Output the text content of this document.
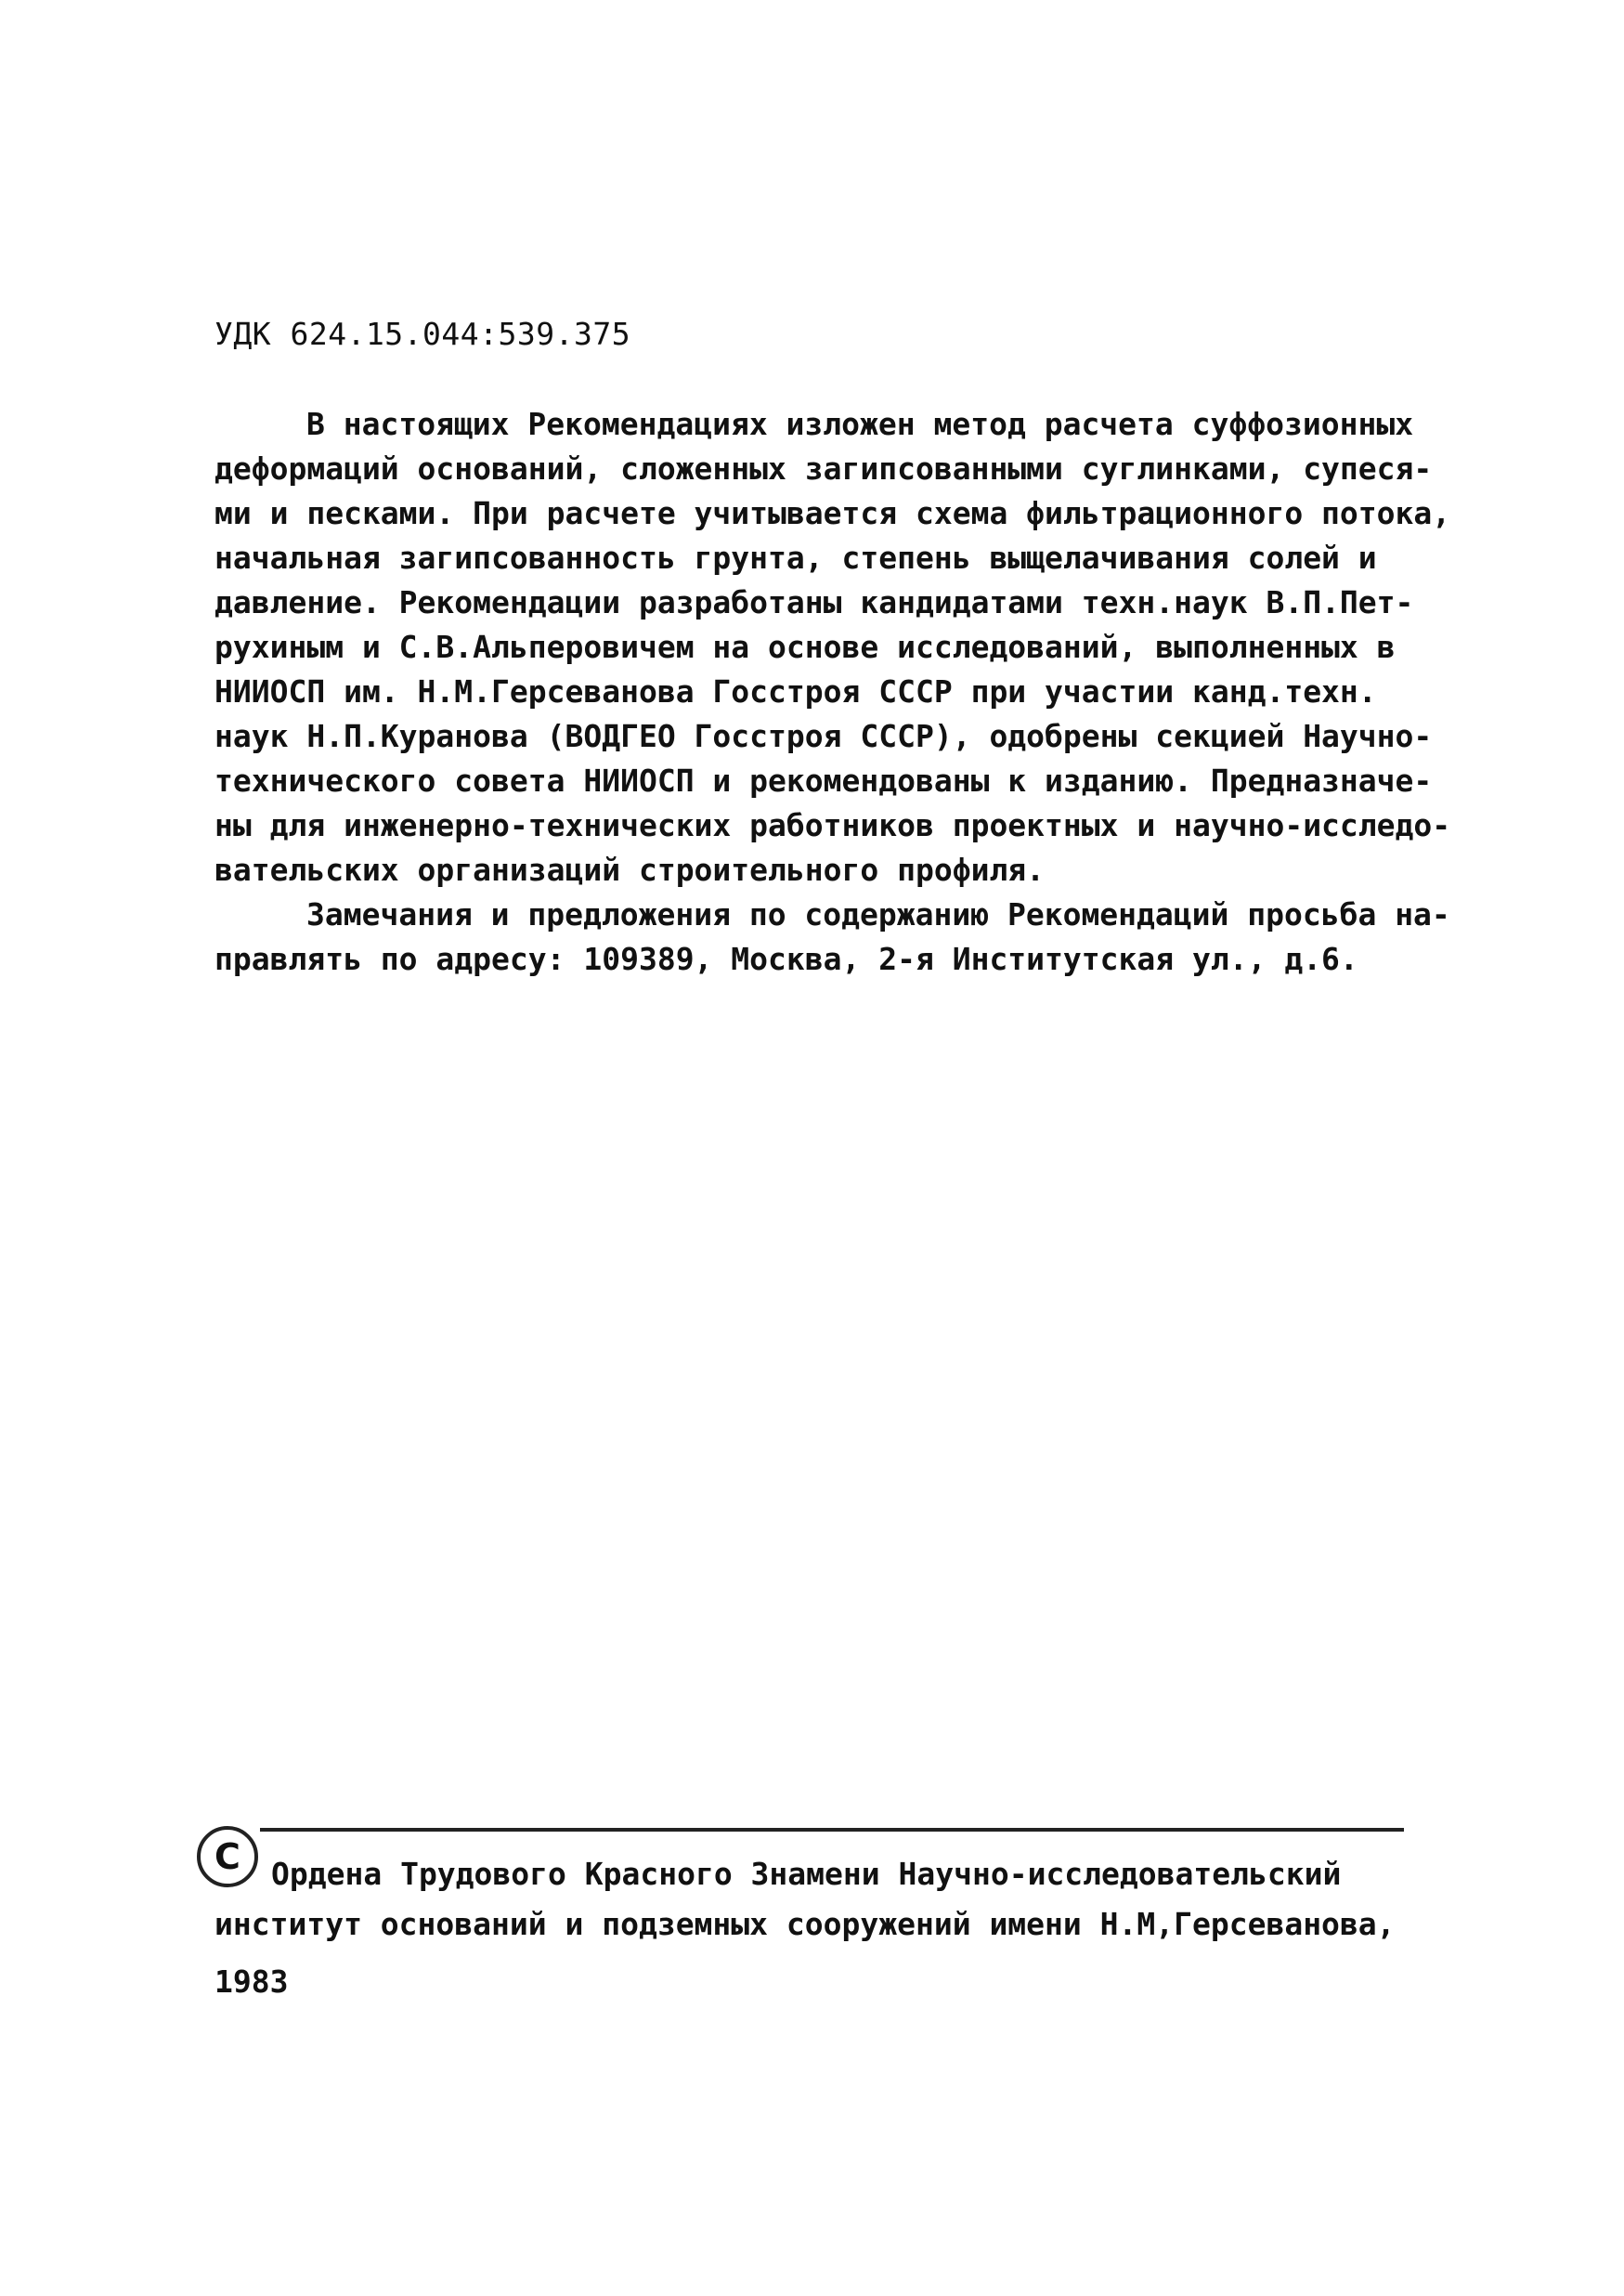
УДК 624.15.044:539.375
В настоящих Рекомендациях изложен метод расчета суффозионных
деформаций оснований, сложенных загипсованными суглинками, супеся-
ми и песками. При расчете учитывается схема фильтрационного потока,
начальная загипсованность грунта, степень выщелачивания солей и
давление. Рекомендации разработаны кандидатами техн.наук В.П.Пет-
рухиным и С.В.Альперовичем на основе исследований, выполненных в
НИИОСП им. Н.М.Герсеванова Госстроя СССР при участии канд.техн.
наук Н.П.Куранова (ВОДГЕО Госстроя СССР), одобрены секцией Научно-
технического совета НИИОСП и рекомендованы к изданию. Предназначе-
ны для инженерно-технических работников проектных и научно-исследо-
вательских организаций строительного профиля.
Замечания и предложения по содержанию Рекомендаций просьба на-
правлять по адресу: 109389, Москва, 2-я Институтская ул., д.6.
C	Ордена Трудового Красного Знамени Научно-исследовательский
институт оснований и подземных сооружений имени Н.М,Герсеванова,
1983
